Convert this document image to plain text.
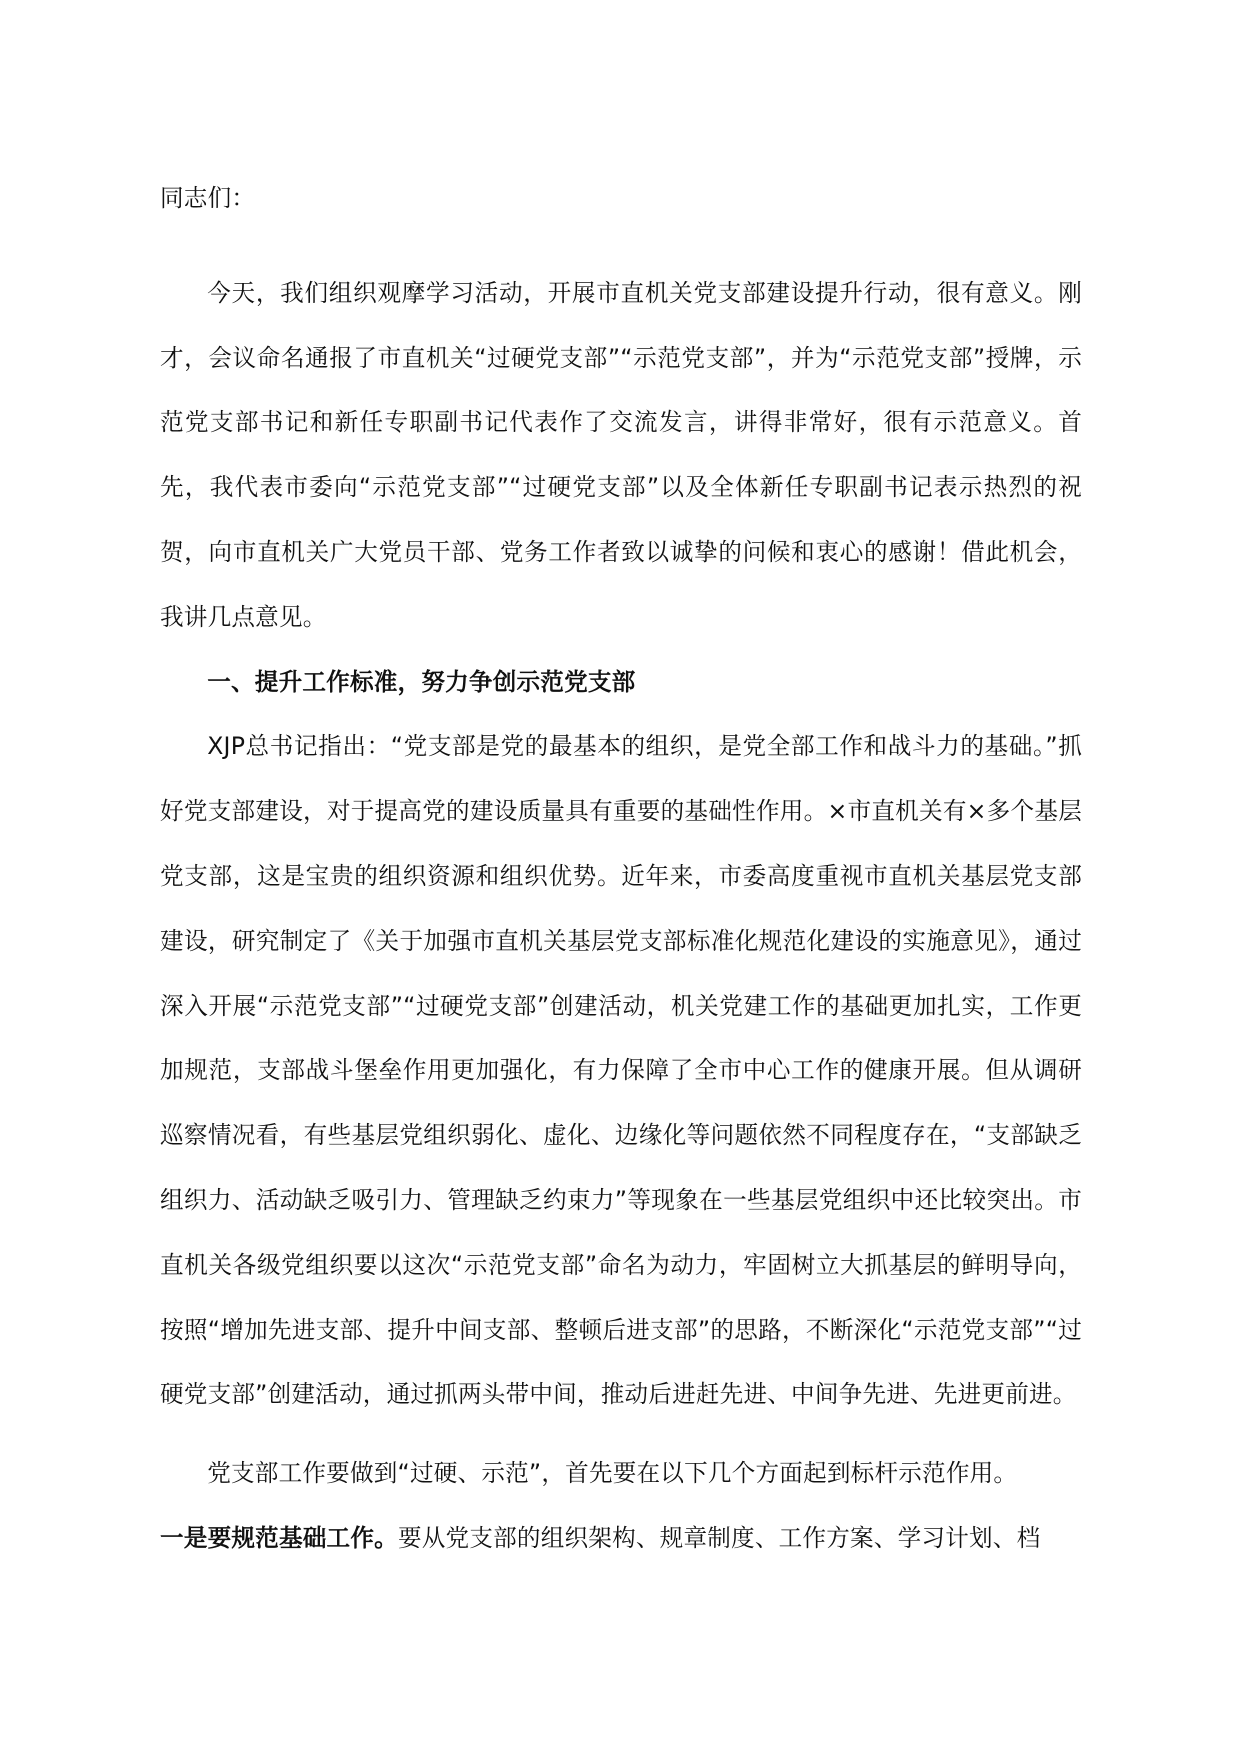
同志们：

今天，我们组织观摩学习活动，开展市直机关党支部建设提升行动，很有意义。刚才，会议命名通报了市直机关“过硬党支部”“示范党支部”，并为“示范党支部”授牌，示范党支部书记和新任专职副书记代表作了交流发言，讲得非常好，很有示范意义。首先，我代表市委向“示范党支部”“过硬党支部”以及全体新任专职副书记表示热烈的祝贺，向市直机关广大党员干部、党务工作者致以诚挚的问候和衷心的感谢！借此机会，我讲几点意见。

一、提升工作标准，努力争创示范党支部

XJP总书记指出：“党支部是党的最基本的组织，是党全部工作和战斗力的基础。”抓好党支部建设，对于提高党的建设质量具有重要的基础性作用。×市直机关有×多个基层党支部，这是宝贵的组织资源和组织优势。近年来，市委高度重视市直机关基层党支部建设，研究制定了《关于加强市直机关基层党支部标准化规范化建设的实施意见》，通过深入开展“示范党支部”“过硬党支部”创建活动，机关党建工作的基础更加扎实，工作更加规范，支部战斗堡垒作用更加强化，有力保障了全市中心工作的健康开展。但从调研巡察情况看，有些基层党组织弱化、虚化、边缘化等问题依然不同程度存在，“支部缺乏组织力、活动缺乏吸引力、管理缺乏约束力”等现象在一些基层党组织中还比较突出。市直机关各级党组织要以这次“示范党支部”命名为动力，牢固树立大抓基层的鲜明导向，按照“增加先进支部、提升中间支部、整顿后进支部”的思路，不断深化“示范党支部”“过硬党支部”创建活动，通过抓两头带中间，推动后进赶先进、中间争先进、先进更前进。

党支部工作要做到“过硬、示范”，首先要在以下几个方面起到标杆示范作用。

一是要规范基础工作。要从党支部的组织架构、规章制度、工作方案、学习计划、档
